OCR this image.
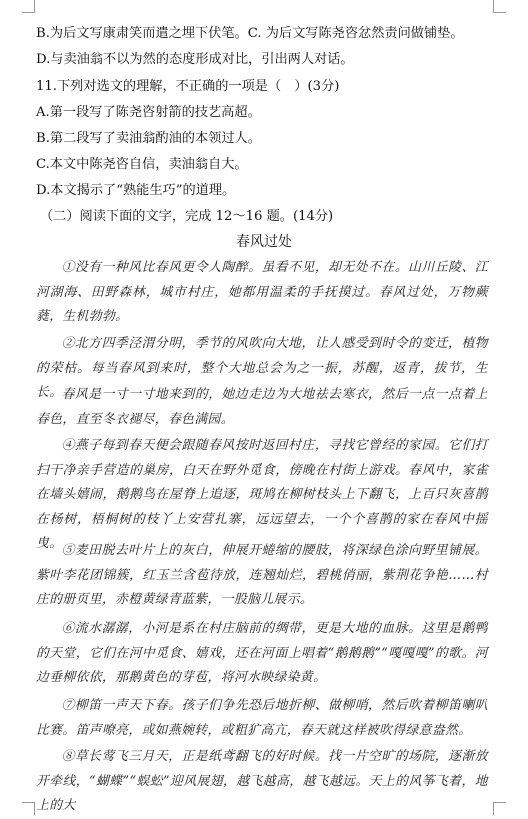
B.为后文写康肃笑而遣之埋下伏笔。C. 为后文写陈尧咨忿然责问做铺垫。
D.与卖油翁不以为然的态度形成对比，引出两人对话。
11.下列对选文的理解，不正确的一项是（　）(3分)
A.第一段写了陈尧咨射箭的技艺高超。
B.第二段写了卖油翁酌油的本领过人。
C.本文中陈尧咨自信，卖油翁自大。
D.本文揭示了“熟能生巧”的道理。
（二）阅读下面的文字，完成 12～16 题。(14分)
春风过处
①没有一种风比春风更令人陶醉。虽看不见，却无处不在。山川丘陵、江河湖海、田野森林，城市村庄，她都用温柔的手抚摸过。春风过处，万物蕨蕤，生机勃勃。
②北方四季泾渭分明，季节的风吹向大地，让人感受到时令的变迁，植物的荣枯。每当春风到来时，整个大地总会为之一振，苏醒，返青，拔节，生长。 春风是一寸一寸地来到的，她边走边为大地祛去寒衣，然后一点一点着上春色，直至冬衣褪尽，春色满园。
④燕子每到春天便会跟随春风按时返回村庄，寻找它曾经的家园。它们打扫干净亲手营造的巢房，白天在野外觅食，傍晚在村街上游戏。春风中，家雀在墙头嬉闹，鹅鹅鸟在屋脊上追逐，斑鸠在柳树枝头上下翻飞，上百只灰喜鹊在杨树，梧桐树的枝丫上安营扎寨，远远望去，一个个喜鹊的家在春风中摇曳。 ⑤麦田脱去叶片上的灰白，伸展开蜷缩的腰肢，将深绿色涂向野里铺展。紫叶李花团锦簇，红玉兰含苞待放，连翘灿烂，碧桃俏丽，紫荆花争艳……村庄的册页里，赤橙黄绿青蓝紫，一股脑儿展示。
⑥流水潺潺，小河是系在村庄脑前的绸带，更是大地的血脉。这里是鹅鸭的天堂，它们在河中觅食、嬉戏，还在河面上唱着“鹅鹅鹅”“嘎嘎嘎”的歌。河边垂柳依依，那鹅黄色的芽苞，将河水映绿染黄。
⑦柳笛一声天下春。孩子们争先恐后地折柳、做柳哨，然后吹着柳笛喇叭比赛。笛声嘹亮，或如燕婉转，或粗犷高亢，春天就这样被吹得绿意盎然。
⑧草长莺飞三月天，正是纸鸢翻飞的好时候。找一片空旷的场院，逐渐放开牵线，“蝴蝶”“蜈蚣”迎风展翅，越飞越高，越飞越远。天上的风筝飞着，地上的大
